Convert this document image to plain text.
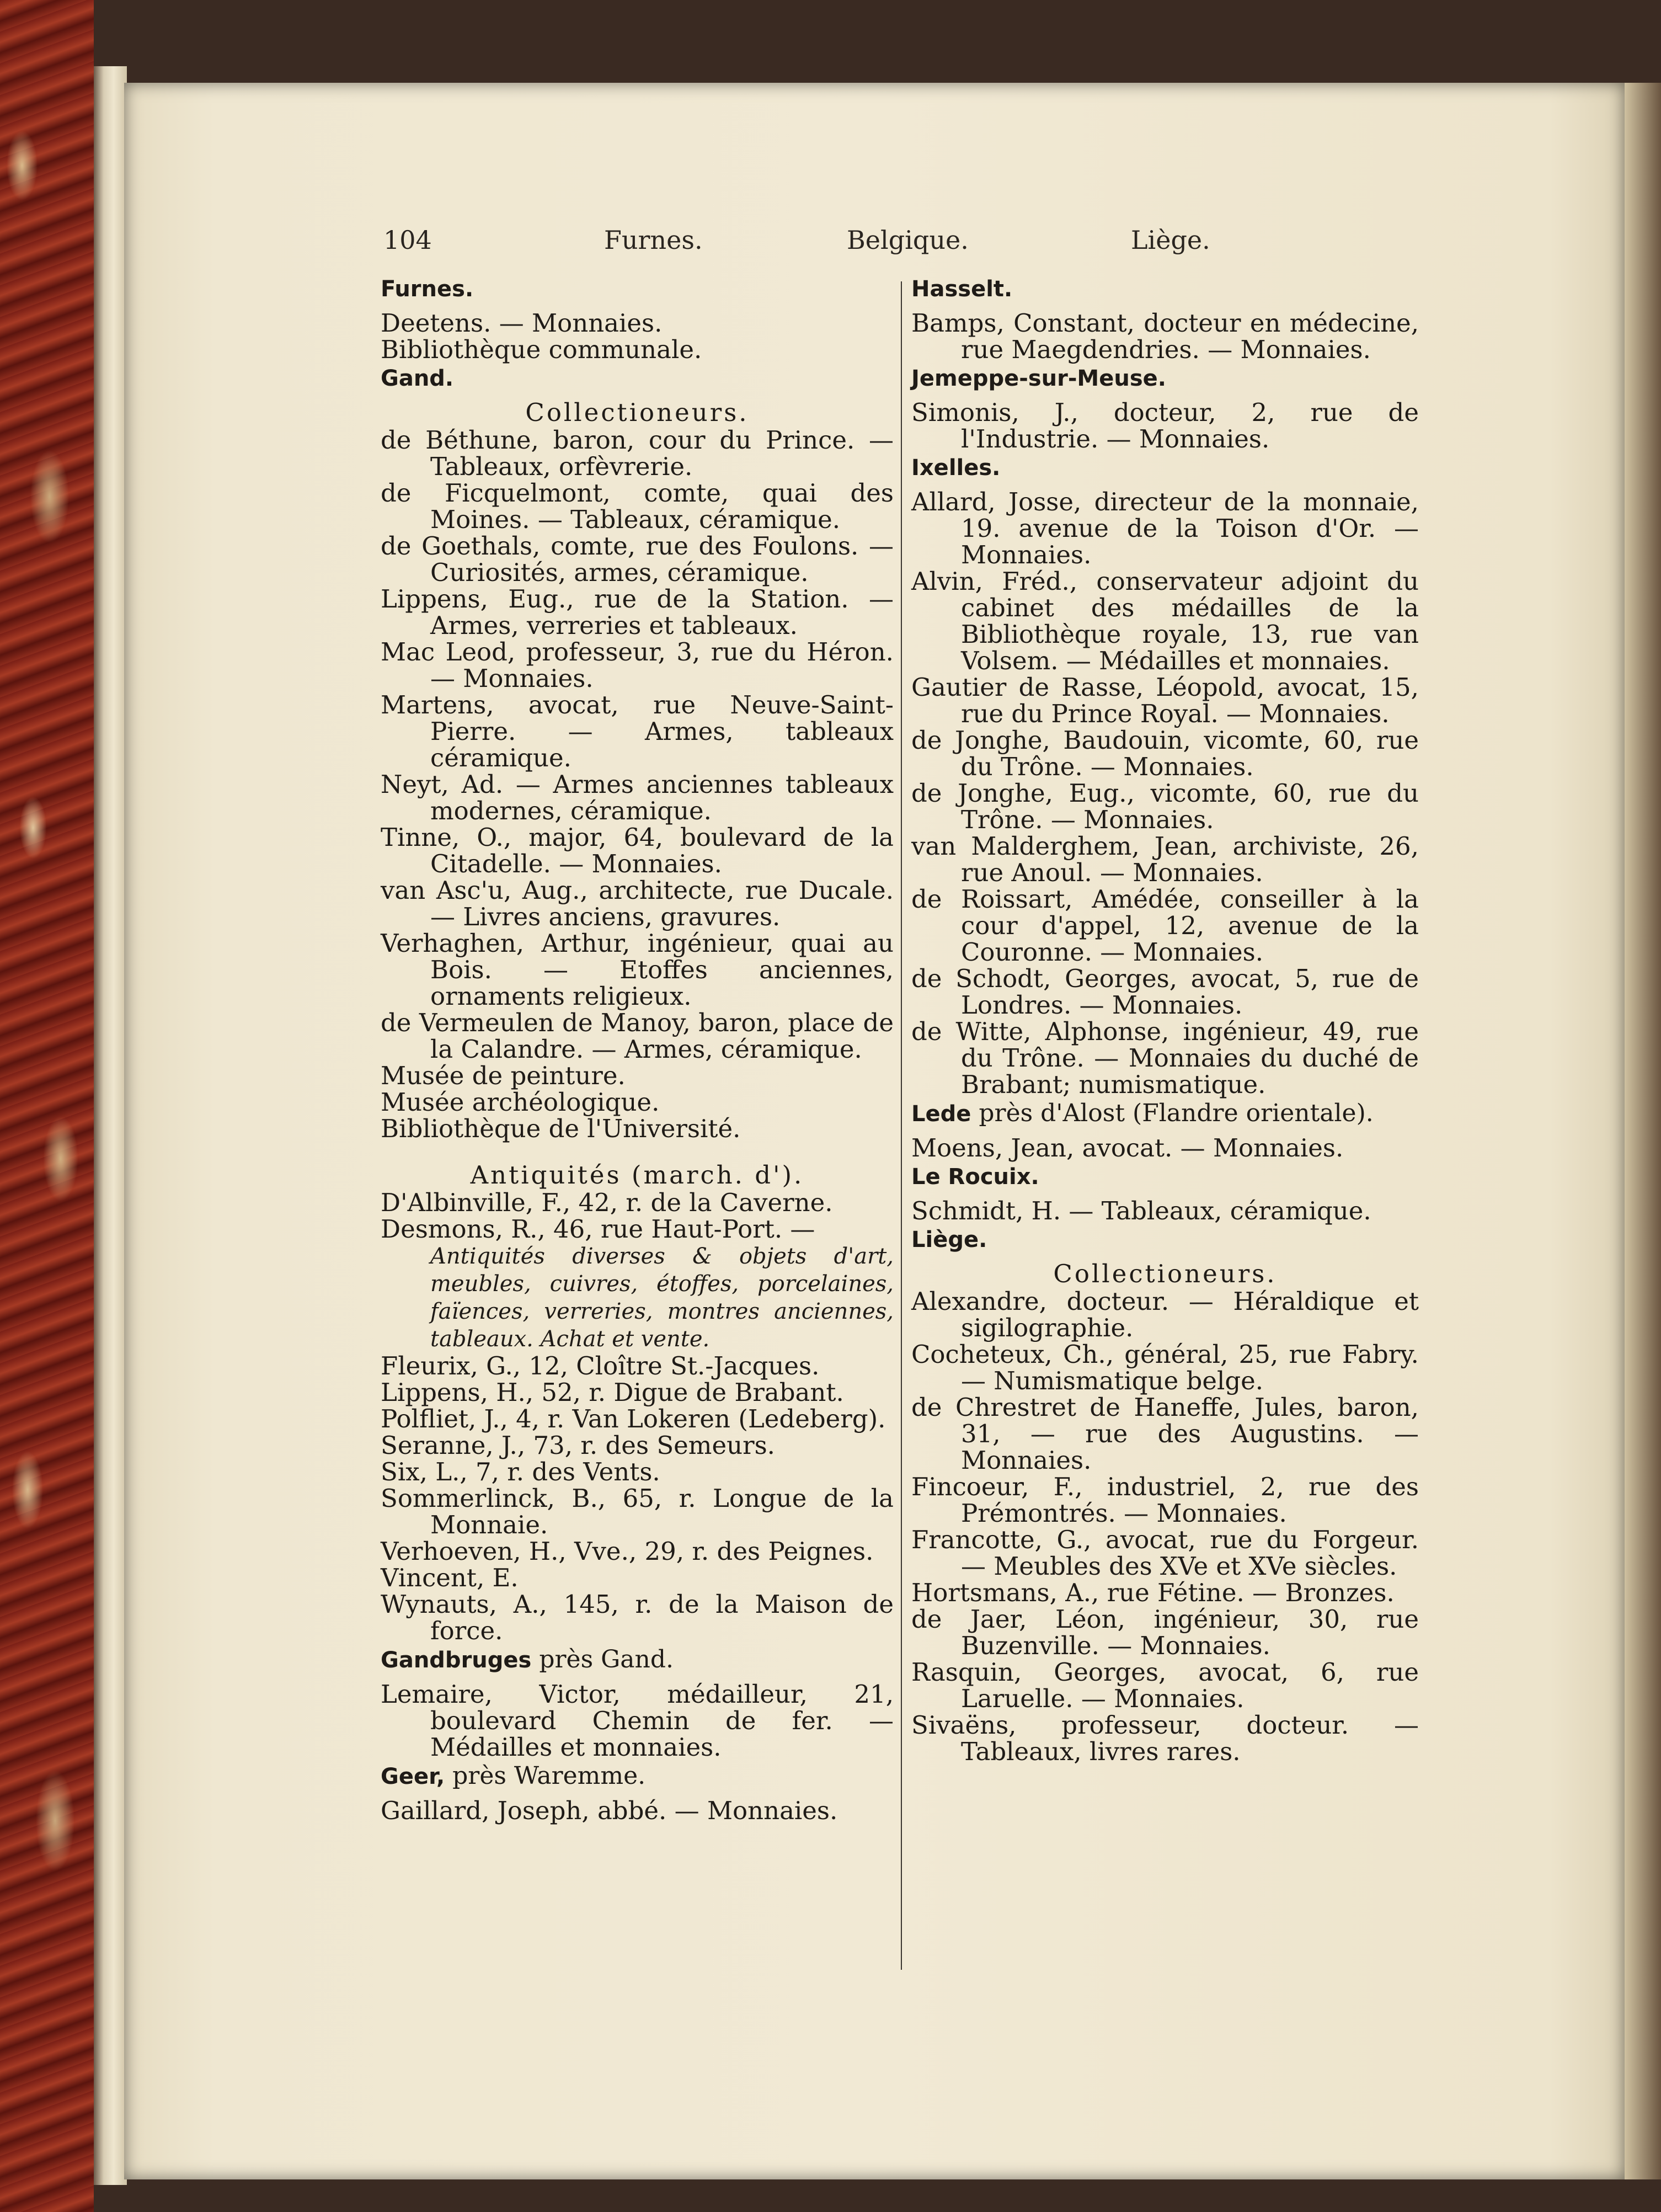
104	Furnes.	Belgique.	Liège.
Furnes.

Deetens. — Monnaies.

Bibliothèque communale.

Gand.
Collectioneurs.

de Béthune, baron, cour du Prince. — Tableaux, orfèvrerie.

de Ficquelmont, comte, quai des Moines. — Tableaux, céramique.

de Goethals, comte, rue des Foulons. — Curiosités, armes, céramique.

Lippens, Eug., rue de la Station. — Armes, verreries et tableaux.

Mac Leod, professeur, 3, rue du Héron. — Monnaies.

Martens, avocat, rue Neuve-Saint-Pierre. — Armes, tableaux céramique.

Neyt, Ad. — Armes anciennes tableaux modernes, céramique.

Tinne, O., major, 64, boulevard de la Citadelle. — Monnaies.

van Asc'u, Aug., architecte, rue Ducale. — Livres anciens, gravures.

Verhaghen, Arthur, ingénieur, quai au Bois. — Etoffes anciennes, ornaments religieux.

de Vermeulen de Manoy, baron, place de la Calandre. — Armes, céramique.

Musée de peinture.

Musée archéologique.

Bibliothèque de l'Université.

Antiquités (march. d').

D'Albinville, F., 42, r. de la Caverne.

Desmons, R., 46, rue Haut-Port. —

Antiquités diverses & objets d'art, meubles, cuivres, étoffes, porcelaines, faïences, verreries, montres anciennes, tableaux. Achat et vente.

Fleurix, G., 12, Cloître St.-Jacques.

Lippens, H., 52, r. Digue de Brabant.

Polfliet, J., 4, r. Van Lokeren (Ledeberg).

Seranne, J., 73, r. des Semeurs.

Six, L., 7, r. des Vents.

Sommerlinck, B., 65, r. Longue de la Monnaie.

Verhoeven, H., Vve., 29, r. des Peignes.

Vincent, E.

Wynauts, A., 145, r. de la Maison de force.

Gandbruges près Gand.

Lemaire, Victor, médailleur, 21, boulevard Chemin de fer. — Médailles et monnaies.

Geer, près Waremme.

Gaillard, Joseph, abbé. — Monnaies.

Hasselt.

Bamps, Constant, docteur en médecine, rue Maegdendries. — Monnaies.

Jemeppe-sur-Meuse.

Simonis, J., docteur, 2, rue de l'Industrie. — Monnaies.

Ixelles.

Allard, Josse, directeur de la monnaie, 19. avenue de la Toison d'Or. — Monnaies.

Alvin, Fréd., conservateur adjoint du cabinet des médailles de la Bibliothèque royale, 13, rue van Volsem. — Médailles et monnaies.

Gautier de Rasse, Léopold, avocat, 15, rue du Prince Royal. — Monnaies.

de Jonghe, Baudouin, vicomte, 60, rue du Trône. — Monnaies.

de Jonghe, Eug., vicomte, 60, rue du Trône. — Monnaies.

van Malderghem, Jean, archiviste, 26, rue Anoul. — Monnaies.

de Roissart, Amédée, conseiller à la cour d'appel, 12, avenue de la Couronne. — Monnaies.

de Schodt, Georges, avocat, 5, rue de Londres. — Monnaies.

de Witte, Alphonse, ingénieur, 49, rue du Trône. — Monnaies du duché de Brabant; numismatique.

Lede près d'Alost (Flandre orientale).

Moens, Jean, avocat. — Monnaies.

Le Rocuix.

Schmidt, H. — Tableaux, céramique.

Liège.
Collectioneurs.

Alexandre, docteur. — Héraldique et sigilographie.

Cocheteux, Ch., général, 25, rue Fabry. — Numismatique belge.

de Chrestret de Haneffe, Jules, baron, 31, — rue des Augustins. — Monnaies.

Fincoeur, F., industriel, 2, rue des Prémontrés. — Monnaies.

Francotte, G., avocat, rue du Forgeur. — Meubles des XVe et XVe siècles.

Hortsmans, A., rue Fétine. — Bronzes.

de Jaer, Léon, ingénieur, 30, rue Buzenville. — Monnaies.

Rasquin, Georges, avocat, 6, rue Laruelle. — Monnaies.

Sivaëns, professeur, docteur. — Tableaux, livres rares.
